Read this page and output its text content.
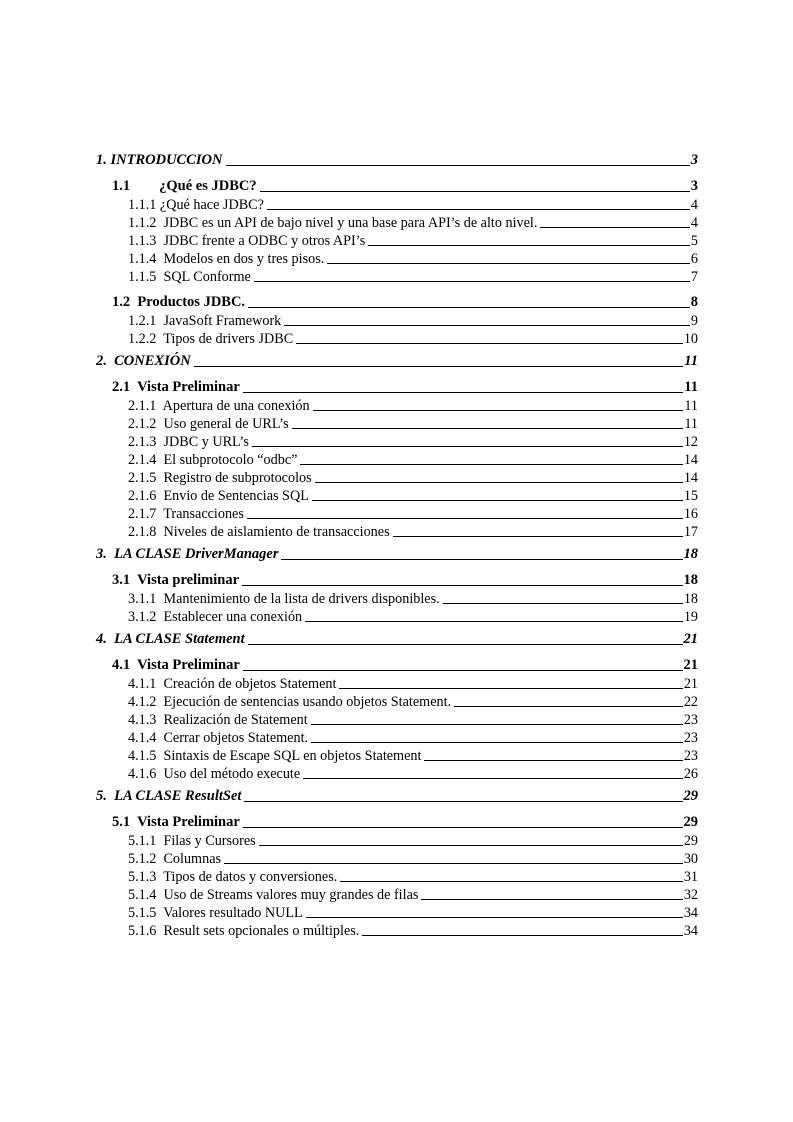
1. INTRODUCCION	3
1.1        ¿Qué es JDBC?	3
1.1.1 ¿Qué hace JDBC?	4
1.1.2  JDBC es un API de bajo nivel y una base para API’s de alto nivel.	4
1.1.3  JDBC frente a ODBC y otros API’s	5
1.1.4  Modelos en dos y tres pisos.	6
1.1.5  SQL Conforme	7
1.2  Productos JDBC.	8
1.2.1  JavaSoft Framework	9
1.2.2  Tipos de drivers JDBC	10
2.  CONEXIÓN	11
2.1  Vista Preliminar	11
2.1.1  Apertura de una conexión	11
2.1.2  Uso general de URL’s	11
2.1.3  JDBC y URL’s	12
2.1.4  El subprotocolo “odbc”	14
2.1.5  Registro de subprotocolos	14
2.1.6  Envio de Sentencias SQL	15
2.1.7  Transacciones	16
2.1.8  Niveles de aislamiento de transacciones	17
3.  LA CLASE DriverManager	18
3.1  Vista preliminar	18
3.1.1  Mantenimiento de la lista de drivers disponibles.	18
3.1.2  Establecer una conexión	19
4.  LA CLASE Statement	21
4.1  Vista Preliminar	21
4.1.1  Creación de objetos Statement	21
4.1.2  Ejecución de sentencias usando objetos Statement.	22
4.1.3  Realización de Statement	23
4.1.4  Cerrar objetos Statement.	23
4.1.5  Sintaxis de Escape SQL en objetos Statement	23
4.1.6  Uso del método execute	26
5.  LA CLASE ResultSet	29
5.1  Vista Preliminar	29
5.1.1  Filas y Cursores	29
5.1.2  Columnas	30
5.1.3  Tipos de datos y conversiones.	31
5.1.4  Uso de Streams valores muy grandes de filas	32
5.1.5  Valores resultado NULL	34
5.1.6  Result sets opcionales o múltiples.	34
